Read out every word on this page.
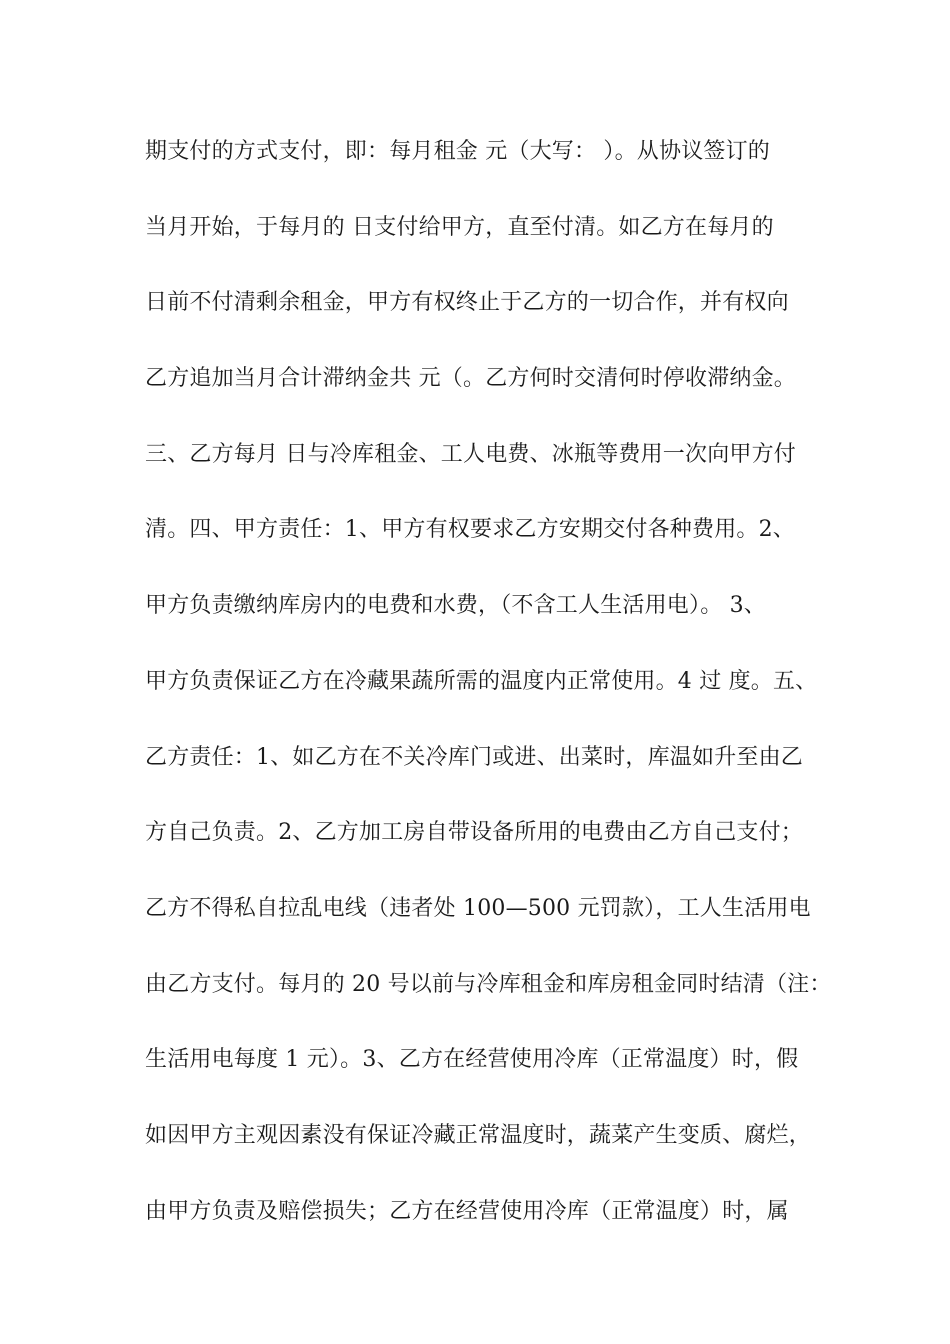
期支付的方式支付，即：每月租金 元（大写： ）。从协议签订的
当月开始，于每月的 日支付给甲方，直至付清。如乙方在每月的
日前不付清剩余租金，甲方有权终止于乙方的一切合作，并有权向
乙方追加当月合计滞纳金共 元（。乙方何时交清何时停收滞纳金。
三、乙方每月 日与冷库租金、工人电费、冰瓶等费用一次向甲方付
清。四、甲方责任：1、甲方有权要求乙方安期交付各种费用。2、
甲方负责缴纳库房内的电费和水费，（不含工人生活用电）。 3、
甲方负责保证乙方在冷藏果蔬所需的温度内正常使用。4 过 度。五、
乙方责任：1、如乙方在不关冷库门或进、出菜时，库温如升至由乙
方自己负责。2、乙方加工房自带设备所用的电费由乙方自己支付；
乙方不得私自拉乱电线（违者处 100—500 元罚款），工人生活用电
由乙方支付。每月的 20 号以前与冷库租金和库房租金同时结清（注：
生活用电每度 1 元）。3、乙方在经营使用冷库（正常温度）时，假
如因甲方主观因素没有保证冷藏正常温度时，蔬菜产生变质、腐烂，
由甲方负责及赔偿损失；乙方在经营使用冷库（正常温度）时，属
